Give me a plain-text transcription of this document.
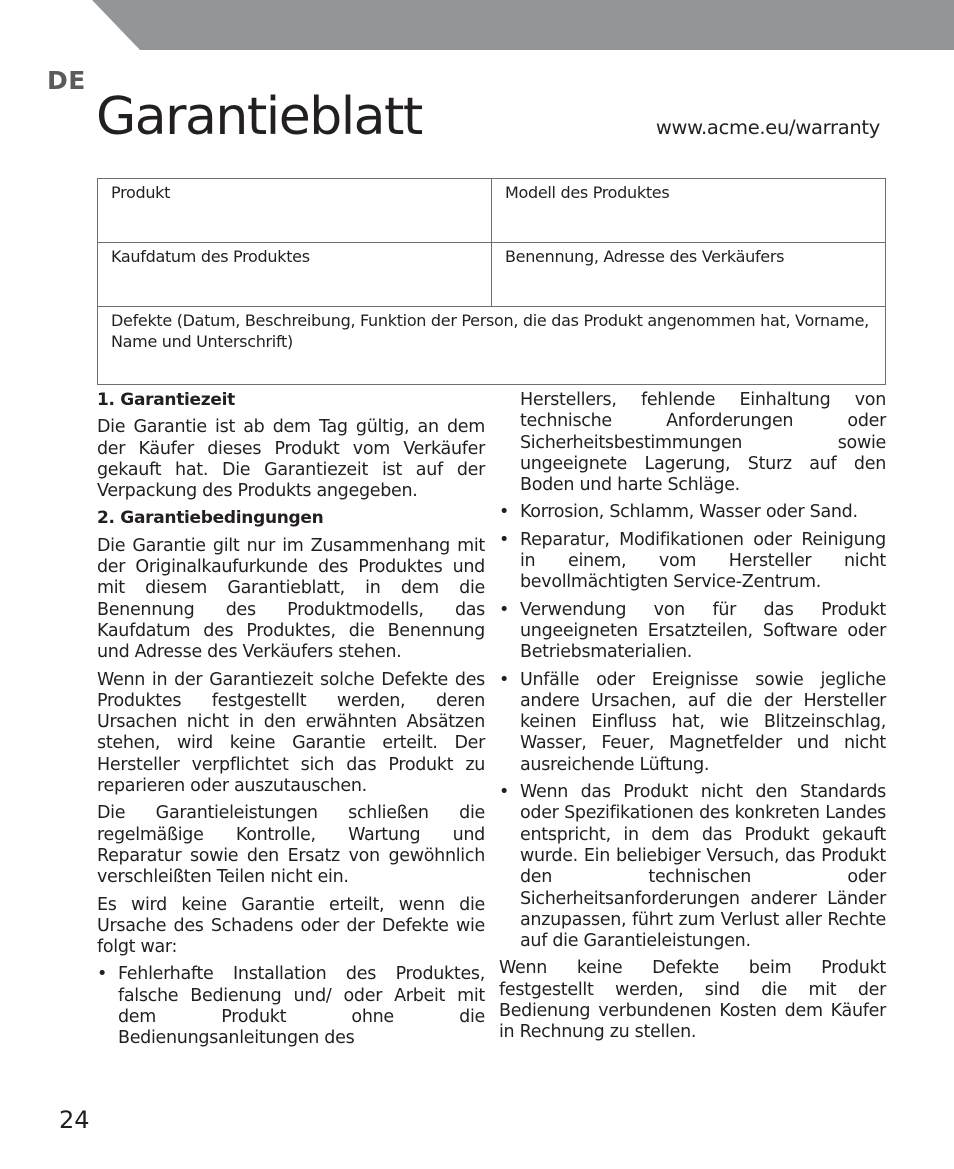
DE
Garantieblatt	www.acme.eu/warranty
Produkt	Modell des Produktes
Kaufdatum des Produktes	Benennung, Adresse des Verkäufers
Defekte (Datum, Beschreibung, Funktion der Person, die das Produkt angenommen hat, Vorname, Name und Unterschrift)	
1. Garantiezeit

Die Garantie ist ab dem Tag gültig, an dem der Käufer dieses Produkt vom Verkäufer gekauft hat. Die Garantiezeit ist auf der Verpackung des Produkts angegeben.

2. Garantiebedingungen

Die Garantie gilt nur im Zusammenhang mit der Originalkaufurkunde des Produktes und mit diesem Garantieblatt, in dem die Benennung des Produktmodells, das Kaufdatum des Produktes, die Benennung und Adresse des Verkäufers stehen.

Wenn in der Garantiezeit solche Defekte des Produktes festgestellt werden, deren Ursachen nicht in den erwähnten Absätzen stehen, wird keine Garantie erteilt. Der Hersteller verpflichtet sich das Produkt zu reparieren oder auszutauschen.

Die Garantieleistungen schließen die regelmäßige Kontrolle, Wartung und Reparatur sowie den Ersatz von gewöhnlich verschleißten Teilen nicht ein.

Es wird keine Garantie erteilt, wenn die Ursache des Schadens oder der Defekte wie folgt war:

• Fehlerhafte Installation des Produktes, falsche Bedienung und/ oder Arbeit mit dem Produkt ohne die Bedienungsanleitungen des
Herstellers, fehlende Einhaltung von technische Anforderungen oder Sicherheitsbestimmungen sowie ungeeignete Lagerung, Sturz auf den Boden und harte Schläge.
• Korrosion, Schlamm, Wasser oder Sand.
• Reparatur, Modifikationen oder Reinigung in einem, vom Hersteller nicht bevollmächtigten Service-Zentrum.
• Verwendung von für das Produkt ungeeigneten Ersatzteilen, Software oder Betriebsmaterialien.
• Unfälle oder Ereignisse sowie jegliche andere Ursachen, auf die der Hersteller keinen Einfluss hat, wie Blitzeinschlag, Wasser, Feuer, Magnetfelder und nicht ausreichende Lüftung.
• Wenn das Produkt nicht den Standards oder Spezifikationen des konkreten Landes entspricht, in dem das Produkt gekauft wurde. Ein beliebiger Versuch, das Produkt den technischen oder Sicherheitsanforderungen anderer Länder anzupassen, führt zum Verlust aller Rechte auf die Garantieleistungen.

Wenn keine Defekte beim Produkt festgestellt werden, sind die mit der Bedienung verbundenen Kosten dem Käufer in Rechnung zu stellen.

24
